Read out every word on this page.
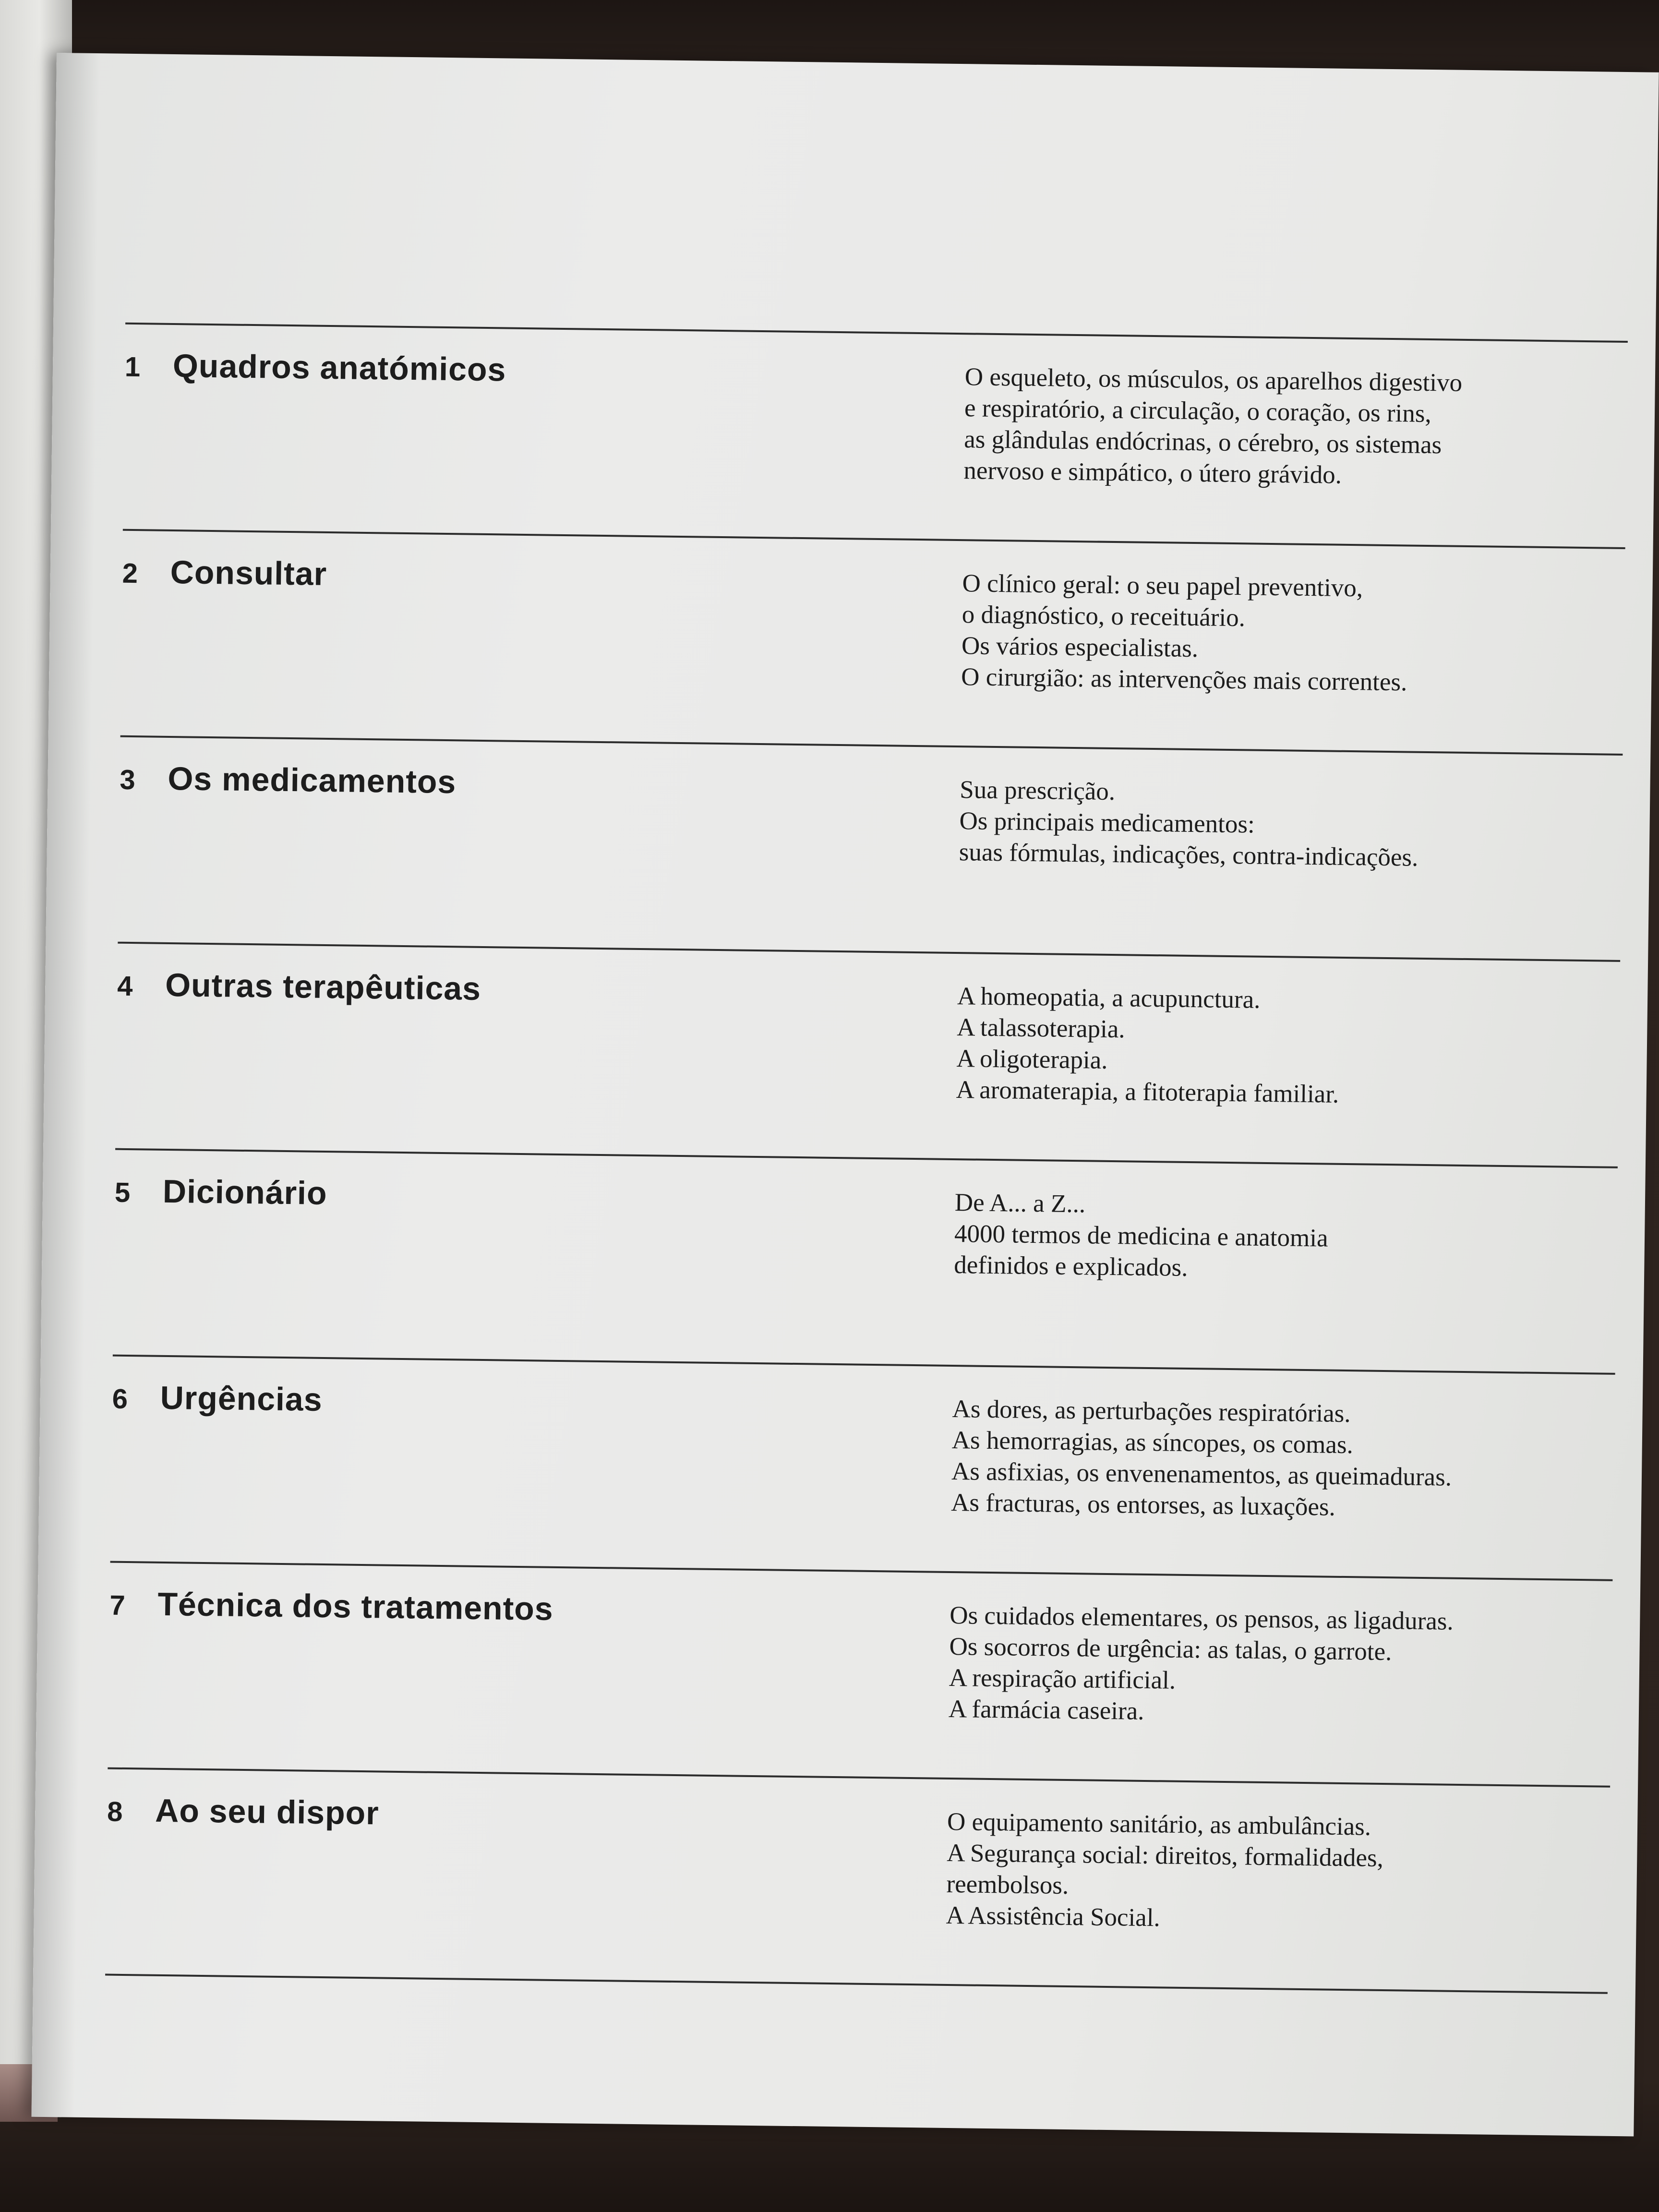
1 Quadros anatómicos	O esqueleto, os músculos, os aparelhos digestivo
e respiratório, a circulação, o coração, os rins,
as glândulas endócrinas, o cérebro, os sistemas
nervoso e simpático, o útero grávido.
2 Consultar	O clínico geral: o seu papel preventivo,
o diagnóstico, o receituário.
Os vários especialistas.
O cirurgião: as intervenções mais correntes.
3 Os medicamentos	Sua prescrição.
Os principais medicamentos:
suas fórmulas, indicações, contra-indicações.
4 Outras terapêuticas	A homeopatia, a acupunctura.
A talassoterapia.
A oligoterapia.
A aromaterapia, a fitoterapia familiar.
5 Dicionário	De A... a Z...
4000 termos de medicina e anatomia
definidos e explicados.
6 Urgências	As dores, as perturbações respiratórias.
As hemorragias, as síncopes, os comas.
As asfixias, os envenenamentos, as queimaduras.
As fracturas, os entorses, as luxações.
7 Técnica dos tratamentos	Os cuidados elementares, os pensos, as ligaduras.
Os socorros de urgência: as talas, o garrote.
A respiração artificial.
A farmácia caseira.
8 Ao seu dispor	O equipamento sanitário, as ambulâncias.
A Segurança social: direitos, formalidades,
reembolsos.
A Assistência Social.
